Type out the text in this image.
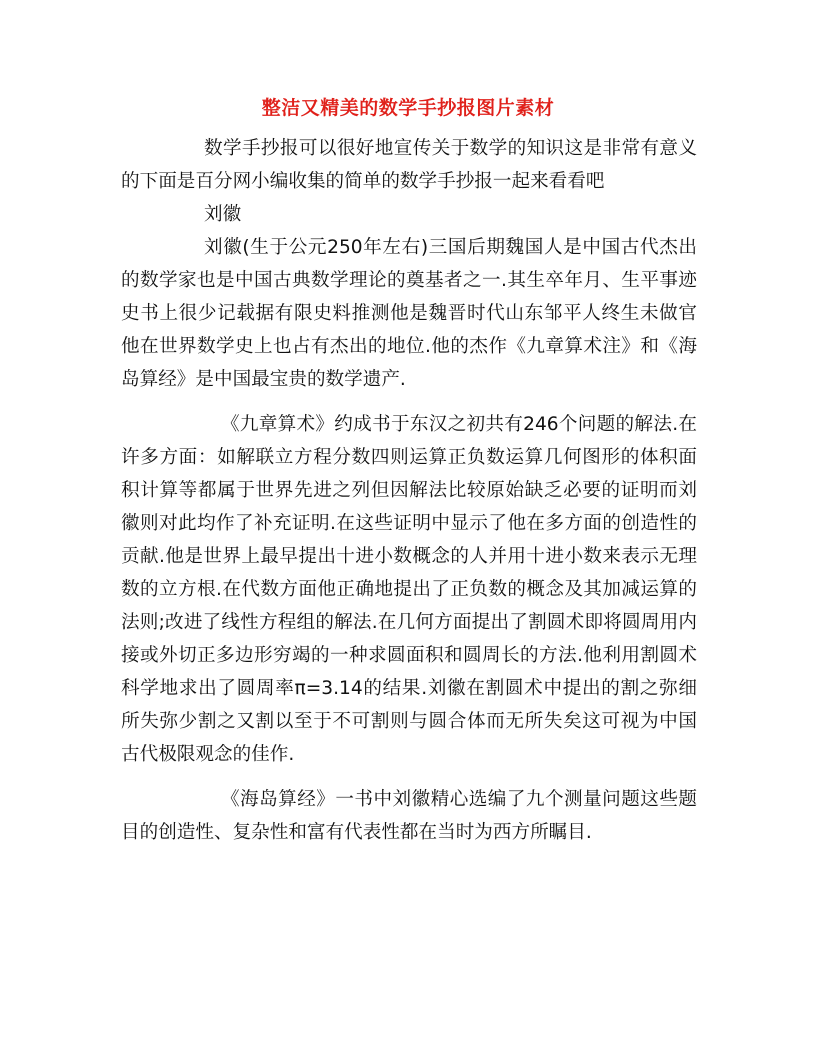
整洁又精美的数学手抄报图片素材

数学手抄报可以很好地宣传关于数学的知识这是非常有意义的下面是百分网小编收集的简单的数学手抄报一起来看看吧

刘徽

刘徽(生于公元250年左右)三国后期魏国人是中国古代杰出的数学家也是中国古典数学理论的奠基者之一.其生卒年月、生平事迹史书上很少记载据有限史料推测他是魏晋时代山东邹平人终生未做官他在世界数学史上也占有杰出的地位.他的杰作《九章算术注》和《海岛算经》是中国最宝贵的数学遗产.

《九章算术》约成书于东汉之初共有246个问题的解法.在许多方面：如解联立方程分数四则运算正负数运算几何图形的体积面积计算等都属于世界先进之列但因解法比较原始缺乏必要的证明而刘徽则对此均作了补充证明.在这些证明中显示了他在多方面的创造性的贡献.他是世界上最早提出十进小数概念的人并用十进小数来表示无理数的立方根.在代数方面他正确地提出了正负数的概念及其加减运算的法则;改进了线性方程组的解法.在几何方面提出了割圆术即将圆周用内接或外切正多边形穷竭的一种求圆面积和圆周长的方法.他利用割圆术科学地求出了圆周率π=3.14的结果.刘徽在割圆术中提出的割之弥细所失弥少割之又割以至于不可割则与圆合体而无所失矣这可视为中国古代极限观念的佳作.

《海岛算经》一书中刘徽精心选编了九个测量问题这些题目的创造性、复杂性和富有代表性都在当时为西方所瞩目.
